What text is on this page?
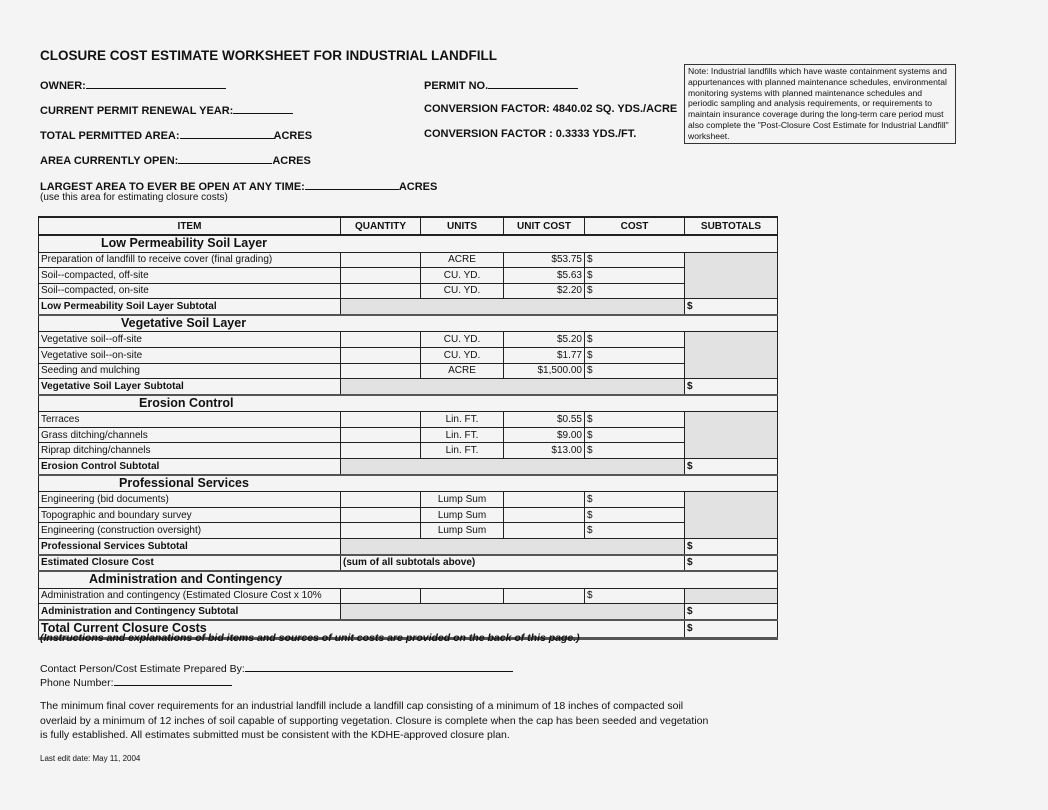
CLOSURE COST ESTIMATE WORKSHEET FOR INDUSTRIAL LANDFILL
OWNER:	PERMIT NO.
CURRENT PERMIT RENEWAL YEAR:	CONVERSION FACTOR: 4840.02 SQ. YDS./ACRE
TOTAL PERMITTED AREA:	ACRES	CONVERSION FACTOR : 0.3333 YDS./FT.
AREA CURRENTLY OPEN:	ACRES
LARGEST AREA TO EVER BE OPEN AT ANY TIME:	ACRES
(use this area for estimating closure costs)
Note: Industrial landfills which have waste containment systems and appurtenances with planned maintenance schedules, environmental monitoring systems with planned maintenance schedules and periodic sampling and analysis requirements, or requirements to maintain insurance coverage during the long-term care period must also complete the "Post-Closure Cost Estimate for Industrial Landfill" worksheet.
ITEM	QUANTITY	UNITS	UNIT COST	COST	SUBTOTALS
Low Permeability Soil Layer					
Preparation of landfill to receive cover (final grading)		ACRE	$53.75	$	
Soil--compacted, off-site		CU. YD.	$5.63	$	
Soil--compacted, on-site		CU. YD.	$2.20	$	
Low Permeability Soil Layer Subtotal					$
Vegetative Soil Layer					
Vegetative soil--off-site		CU. YD.	$5.20	$	
Vegetative soil--on-site		CU. YD.	$1.77	$	
Seeding and mulching		ACRE	$1,500.00	$	
Vegetative Soil Layer Subtotal					$
Erosion Control					
Terraces		Lin. FT.	$0.55	$	
Grass ditching/channels		Lin. FT.	$9.00	$	
Riprap ditching/channels		Lin. FT.	$13.00	$	
Erosion Control Subtotal					$
Professional Services					
Engineering (bid documents)		Lump Sum		$	
Topographic and boundary survey		Lump Sum		$	
Engineering (construction oversight)		Lump Sum		$	
Professional Services Subtotal					$
Estimated Closure Cost	(sum of all subtotals above)				$
Administration and Contingency					
Administration and contingency (Estimated Closure Cost x 10%				$	
Administration and Contingency Subtotal					$
Total Current Closure Costs					$
(Instructions and explanations of bid items and sources of unit costs are provided on the back of this page.)
Contact Person/Cost Estimate Prepared By:
Phone Number:
The minimum final cover requirements for an industrial landfill include a landfill cap consisting of a minimum of 18 inches of compacted soil overlaid by a minimum of 12 inches of soil capable of supporting vegetation. Closure is complete when the cap has been seeded and vegetation is fully established. All estimates submitted must be consistent with the KDHE-approved closure plan.
Last edit date: May 11, 2004
